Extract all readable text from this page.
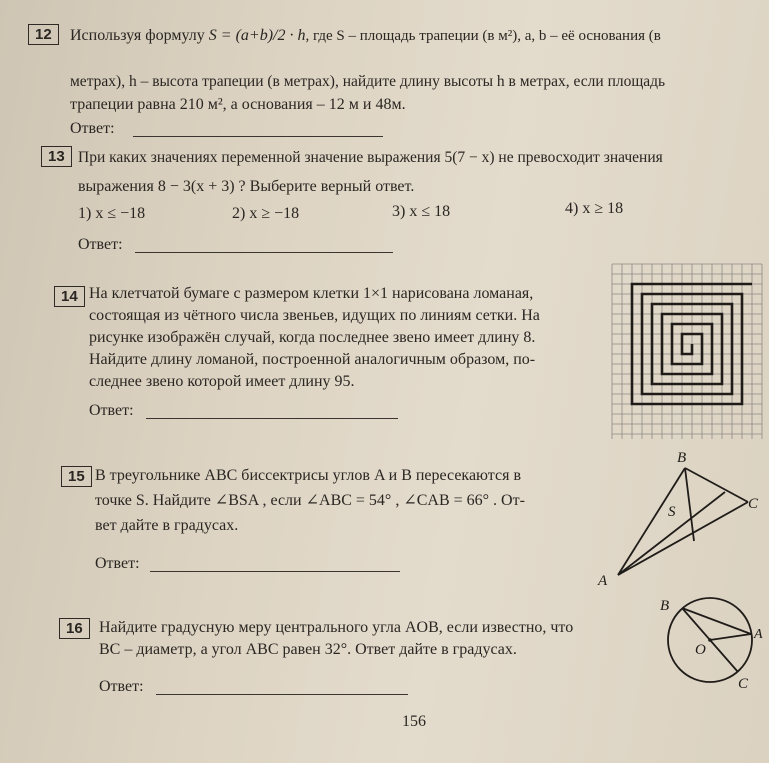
12	Используя формулу S = (a+b)/2 · h, где S – площадь трапеции (в м²), a, b – её основания (в
метрах), h – высота трапеции (в метрах), найдите длину высоты h в метрах, если площадь
трапеции равна 210 м², а основания – 12 м и 48м.
Ответ:
13 При каких значениях переменной значение выражения 5(7 − x) не превосходит значения
выражения 8 − 3(x + 3) ? Выберите верный ответ.
1) x ≤ −18	2) x ≥ −18	3) x ≤ 18	4) x ≥ 18
Ответ:
14 На клетчатой бумаге с размером клетки 1×1 нарисована ломаная,
состоящая из чётного числа звеньев, идущих по линиям сетки. На
рисунке изображён случай, когда последнее звено имеет длину 8.
Найдите длину ломаной, построенной аналогичным образом, по-
следнее звено которой имеет длину 95.
Ответ:
15 В треугольнике ABC биссектрисы углов A и B пересекаются в
точке S. Найдите ∠BSA , если ∠ABC = 54° , ∠CAB = 66° . От-
вет дайте в градусах.
Ответ:
B
A
C
S
16	Найдите градусную меру центрального угла AOB, если известно, что
BC – диаметр, а угол ABC равен 32°. Ответ дайте в градусах.
Ответ:
B
A
O
C
156
